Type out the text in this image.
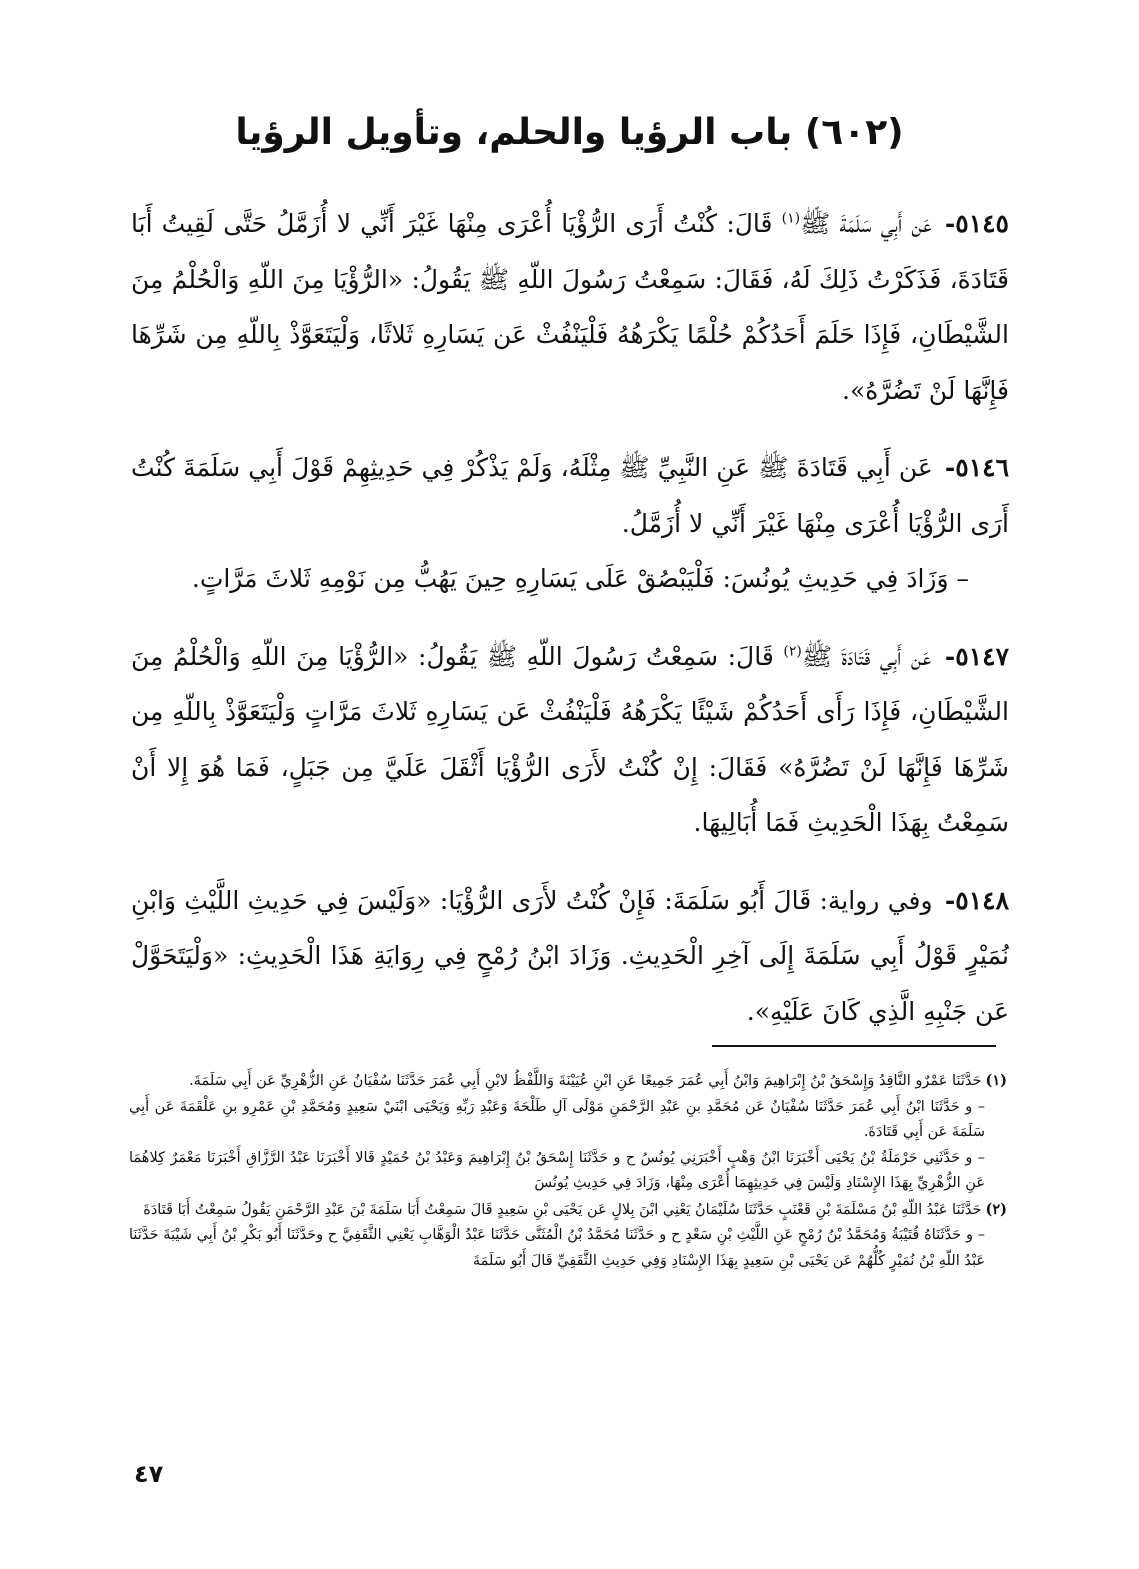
(٦٠٢) باب الرؤيا والحلم، وتأويل الرؤيا

٥١٤٥- عَن أَبِي سَلَمَةَ ﷺ$^{(١)}$ قَالَ: كُنْتُ أَرَى الرُّؤْيَا أُعْرَى مِنْهَا غَيْرَ أَنِّي لا أُزَمَّلُ حَتَّى لَقِيتُ أَبَا قَتَادَةَ، فَذَكَرْتُ ذَلِكَ لَهُ، فَقَالَ: سَمِعْتُ رَسُولَ اللّهِ ﷺ يَقُولُ: «الرُّؤْيَا مِنَ اللّهِ وَالْحُلْمُ مِنَ الشَّيْطَانِ، فَإِذَا حَلَمَ أَحَدُكُمْ حُلْمًا يَكْرَهُهُ فَلْيَنْفُثْ عَن يَسَارِهِ ثَلاثًا، وَلْيَتَعَوَّذْ بِاللّهِ مِن شَرِّهَا فَإِنَّهَا لَنْ تَضُرَّهُ».

٥١٤٦- عَن أَبِي قَتَادَةَ ﷺ عَنِ النَّبِيِّ ﷺ مِثْلَهُ، وَلَمْ يَذْكُرْ فِي حَدِيثِهِمْ قَوْلَ أَبِي سَلَمَةَ كُنْتُ أَرَى الرُّؤْيَا أُعْرَى مِنْهَا غَيْرَ أَنِّي لا أُزَمَّلُ.

– وَزَادَ فِي حَدِيثِ يُونُسَ: فَلْيَبْصُقْ عَلَى يَسَارِهِ حِينَ يَهُبُّ مِن نَوْمِهِ ثَلاثَ مَرَّاتٍ.

٥١٤٧- عَن أَبِي قَتَادَةَ ﷺ$^{(٢)}$ قَالَ: سَمِعْتُ رَسُولَ اللّهِ ﷺ يَقُولُ: «الرُّؤْيَا مِنَ اللّهِ وَالْحُلْمُ مِنَ الشَّيْطَانِ، فَإِذَا رَأَى أَحَدُكُمْ شَيْئًا يَكْرَهُهُ فَلْيَنْفُثْ عَن يَسَارِهِ ثَلاثَ مَرَّاتٍ وَلْيَتَعَوَّذْ بِاللّهِ مِن شَرِّهَا فَإِنَّهَا لَنْ تَضُرَّهُ» فَقَالَ: إِنْ كُنْتُ لأَرَى الرُّؤْيَا أَثْقَلَ عَلَيَّ مِن جَبَلٍ، فَمَا هُوَ إِلا أَنْ سَمِعْتُ بِهَذَا الْحَدِيثِ فَمَا أُبَالِيهَا.

٥١٤٨- وفي رواية: قَالَ أَبُو سَلَمَةَ: فَإِنْ كُنْتُ لأَرَى الرُّؤْيَا: «وَلَيْسَ فِي حَدِيثِ اللَّيْثِ وَابْنِ نُمَيْرٍ قَوْلُ أَبِي سَلَمَةَ إِلَى آخِرِ الْحَدِيثِ. وَزَادَ ابْنُ رُمْحٍ فِي رِوَايَةِ هَذَا الْحَدِيثِ: «وَلْيَتَحَوَّلْ عَن جَنْبِهِ الَّذِي كَانَ عَلَيْهِ».

(١)حَدَّثَنَا عَمْرٌو النَّاقِدُ وَإِسْحَقُ بْنُ إِبْرَاهِيمَ وَابْنُ أَبِي عُمَرَ جَمِيعًا عَنِ ابْنِ عُيَيْنَةَ وَاللَّفْظُ لابْنِ أَبِي عُمَرَ حَدَّثَنَا سُفْيَانُ عَنِ الزُّهْرِيِّ عَن أَبِي سَلَمَةَ.

– و حَدَّثَنَا ابْنُ أَبِي عُمَرَ حَدَّثَنَا سُفْيَانُ عَن مُحَمَّدِ بنِ عَبْدِ الرَّحْمَنِ مَوْلَى آلِ طَلْحَةَ وَعَبْدِ رَبِّهِ وَيَحْيَى ابْنَيْ سَعِيدٍ وَمُحَمَّدِ بْنِ عَمْرِو بنِ عَلْقَمَةَ عَن أَبِي سَلَمَةَ عَن أَبِي قَتَادَةَ.

– و حَدَّثَنِي حَرْمَلَةُ بْنُ يَحْيَى أَخْبَرَنَا ابْنُ وَهْبٍ أَخْبَرَنِي يُونُسُ ح و حَدَّثَنَا إِسْحَقُ بْنُ إِبْرَاهِيمَ وَعَبْدُ بْنُ حُمَيْدٍ قَالا أَخْبَرَنَا عَبْدُ الرَّزَّاقِ أَخْبَرَنَا مَعْمَرٌ كِلاهُمَا عَنِ الزُّهْرِيِّ بِهَذَا الإِسْنَادِ وَلَيْسَ فِي حَدِيثِهِمَا أُعْرَى مِنْهَا، وَزَادَ فِي حَدِيثِ يُونُسَ

(٢)حَدَّثَنَا عَبْدُ اللّهِ بْنُ مَسْلَمَةَ بْنِ قَعْنَبٍ حَدَّثَنَا سُلَيْمَانُ يَعْنِي ابْنَ بِلالٍ عَن يَحْيَى بْنِ سَعِيدٍ قَالَ سَمِعْتُ أَبَا سَلَمَةَ بْنَ عَبْدِ الرَّحْمَنِ يَقُولُ سَمِعْتُ أَبَا قَتَادَةَ

– و حَدَّثَنَاهُ قُتَيْبَةُ وَمُحَمَّدُ بْنُ رُمْحٍ عَنِ اللَّيْثِ بْنِ سَعْدٍ ح و حَدَّثَنَا مُحَمَّدُ بْنُ الْمُثَنَّى حَدَّثَنَا عَبْدُ الْوَهَّابِ يَعْنِي الثَّقَفِيَّ ح وحَدَّثَنَا أَبُو بَكْرِ بْنُ أَبِي شَيْبَةَ حَدَّثَنَا عَبْدُ اللّهِ بْنُ نُمَيْرٍ كُلُّهُمْ عَن يَحْيَى بْنِ سَعِيدٍ بِهَذَا الإِسْنَادِ وَفِي حَدِيثِ الثَّقَفِيِّ قَالَ أَبُو سَلَمَةَ

٤٧
